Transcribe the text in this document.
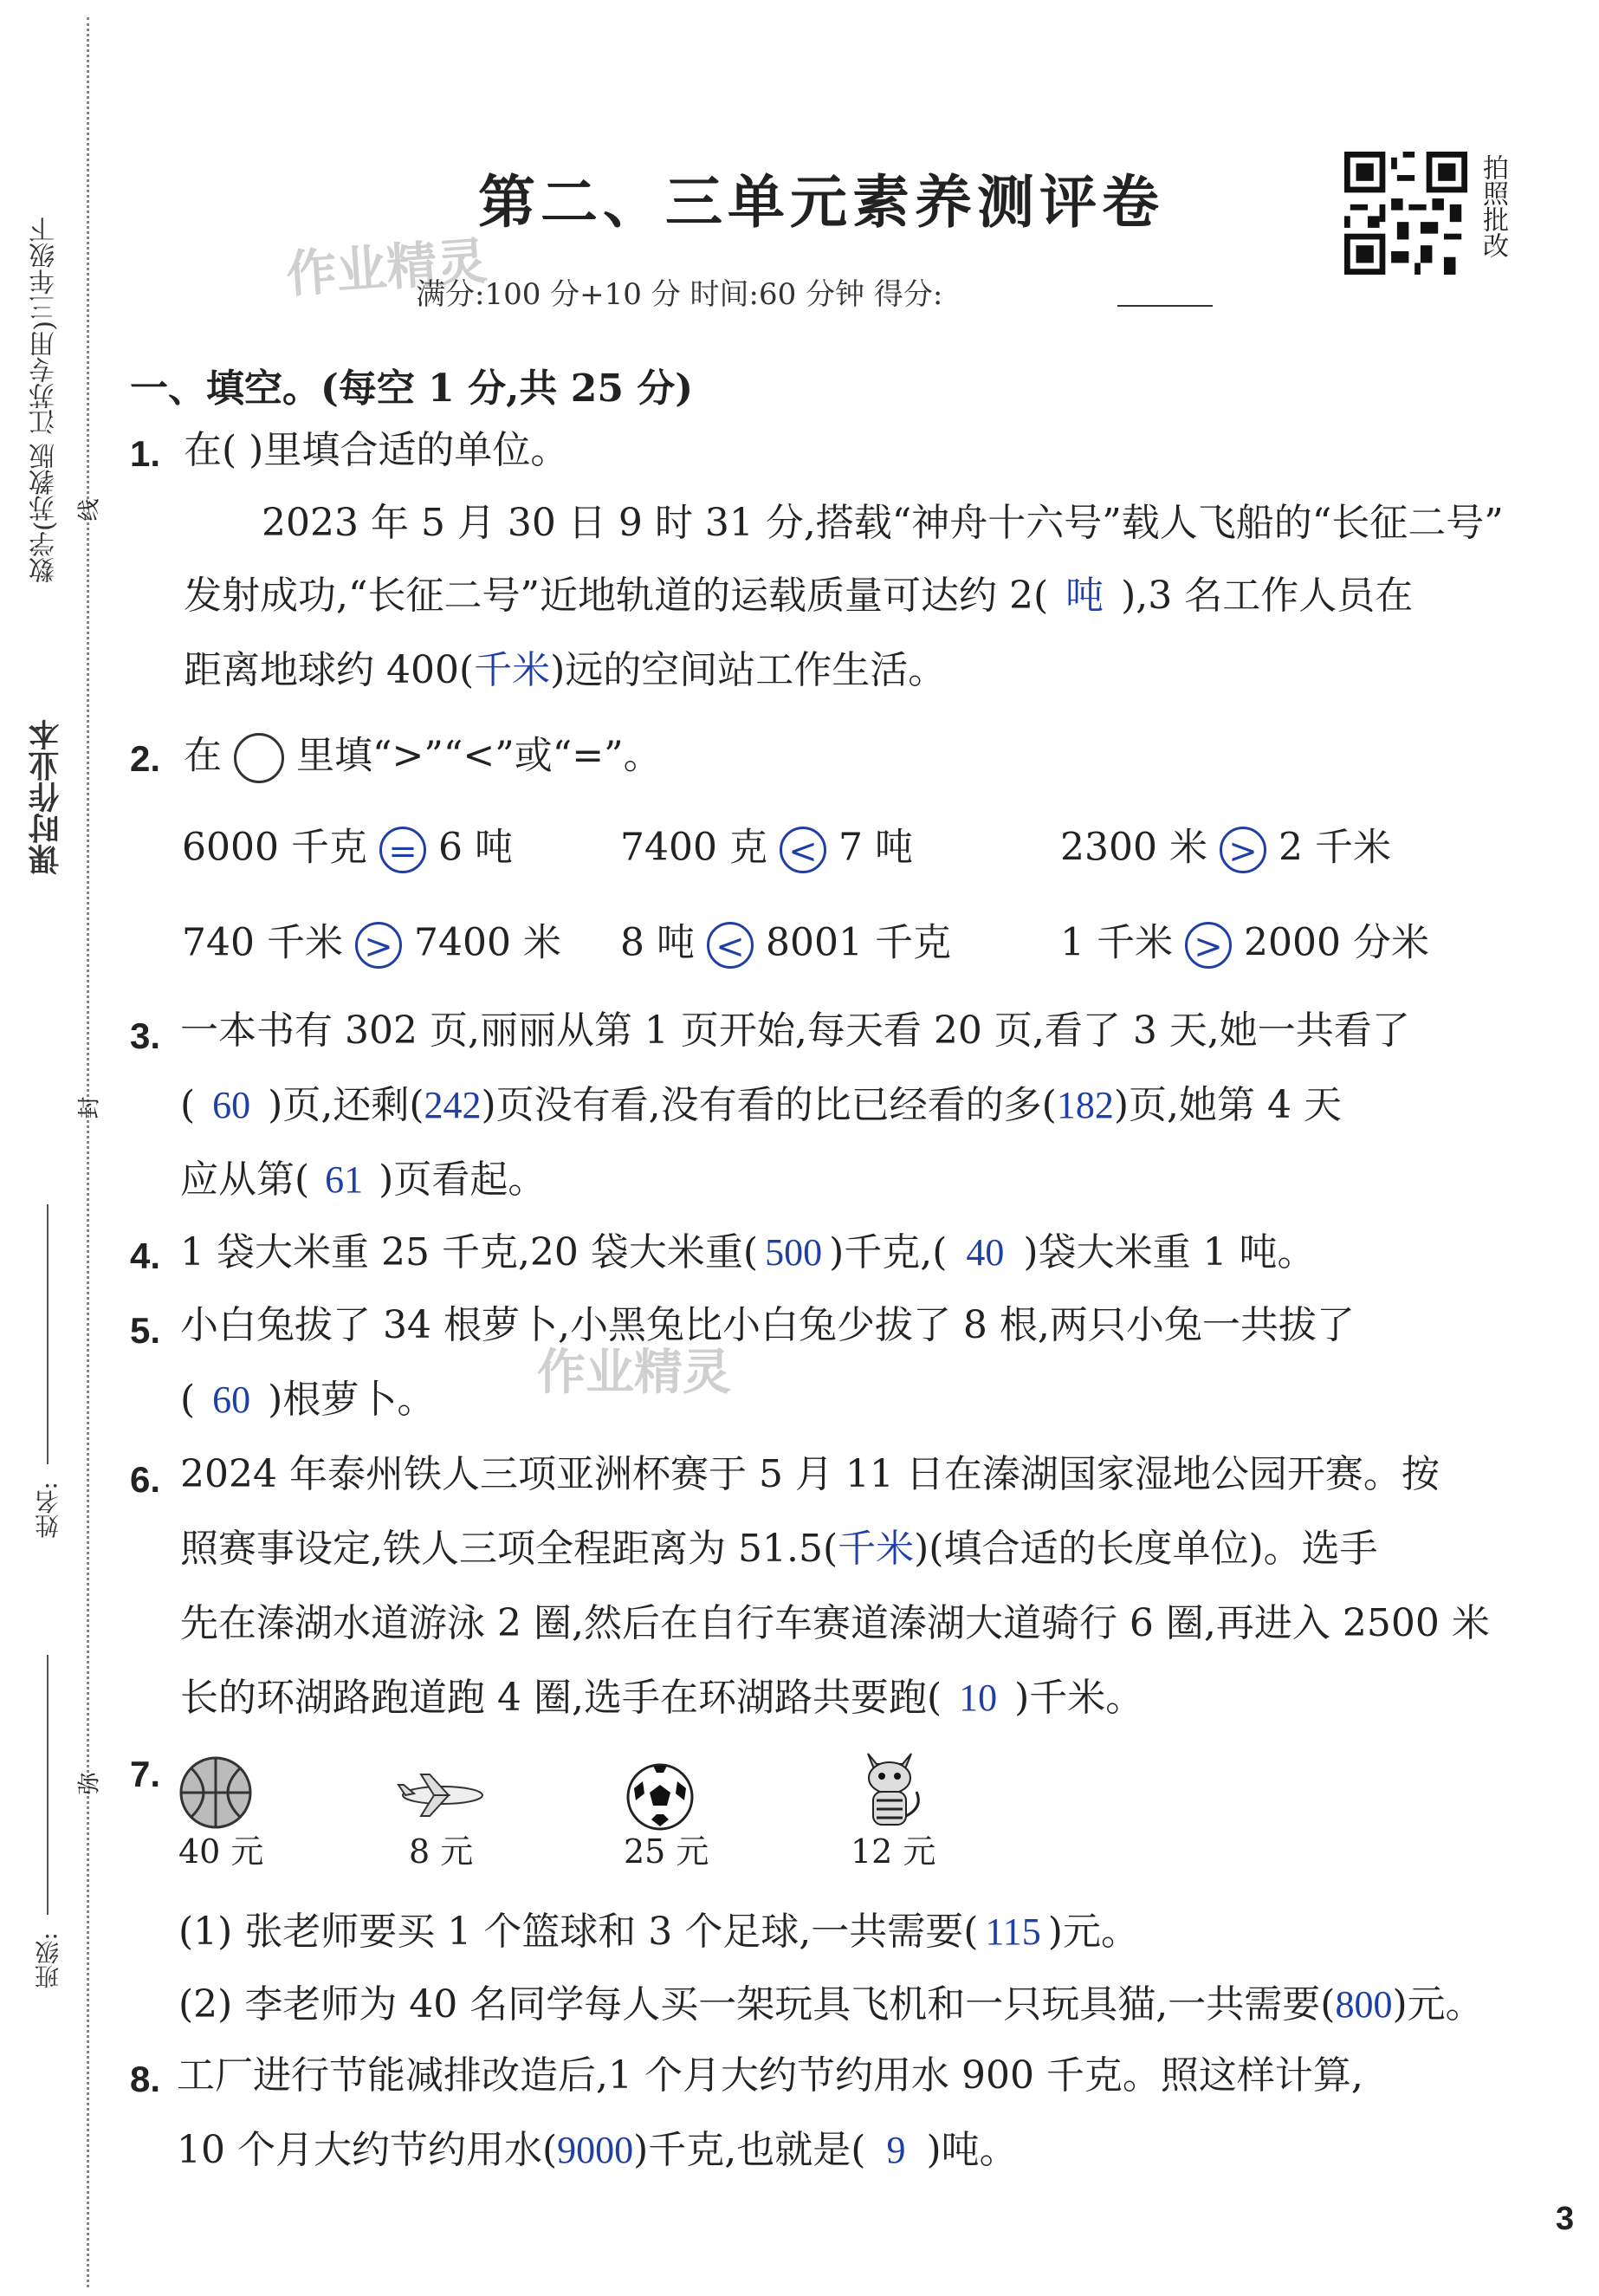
课时作业本
数学(苏教版 江苏专用)三年级下 线
封
弥
姓名:
班级:
第二、三单元素养测评卷
作业精灵
满分:100 分+10 分 时间:60 分钟 得分:
拍照批改
一、填空。(每空 1 分,共 25 分)
1. 在( )里填合适的单位。
2023 年 5 月 30 日 9 时 31 分,搭载“神舟十六号”载人飞船的“长征二号”
发射成功,“长征二号”近地轨道的运载质量可达约 2( 吨 ),3 名工作人员在
距离地球约 400(千米)远的空间站工作生活。
2. 在 里填“>”“<”或“=”。
6000 千克 = 6 吨	7400 克 < 7 吨	2300 米 > 2 千米
740 千米 > 7400 米 8 吨 < 8001 千克	1 千米 > 2000 分米
3. 一本书有 302 页,丽丽从第 1 页开始,每天看 20 页,看了 3 天,她一共看了
( 60 )页,还剩(242)页没有看,没有看的比已经看的多(182)页,她第 4 天
应从第( 61 )页看起。
4. 1 袋大米重 25 千克,20 袋大米重( 500 )千克,( 40 )袋大米重 1 吨。
5. 小白兔拔了 34 根萝卜,小黑兔比小白兔少拔了 8 根,两只小兔一共拔了
作业精灵
( 60 )根萝卜。
6. 2024 年泰州铁人三项亚洲杯赛于 5 月 11 日在溱湖国家湿地公园开赛。按
照赛事设定,铁人三项全程距离为 51.5(千米)(填合适的长度单位)。选手
先在溱湖水道游泳 2 圈,然后在自行车赛道溱湖大道骑行 6 圈,再进入 2500 米
长的环湖路跑道跑 4 圈,选手在环湖路共要跑( 10 )千米。
7.
40 元	8 元	25 元	12 元
(1) 张老师要买 1 个篮球和 3 个足球,一共需要( 115 )元。
(2) 李老师为 40 名同学每人买一架玩具飞机和一只玩具猫,一共需要(800)元。
8. 工厂进行节能减排改造后,1 个月大约节约用水 900 千克。照这样计算,
10 个月大约节约用水(9000)千克,也就是( 9 )吨。
3
